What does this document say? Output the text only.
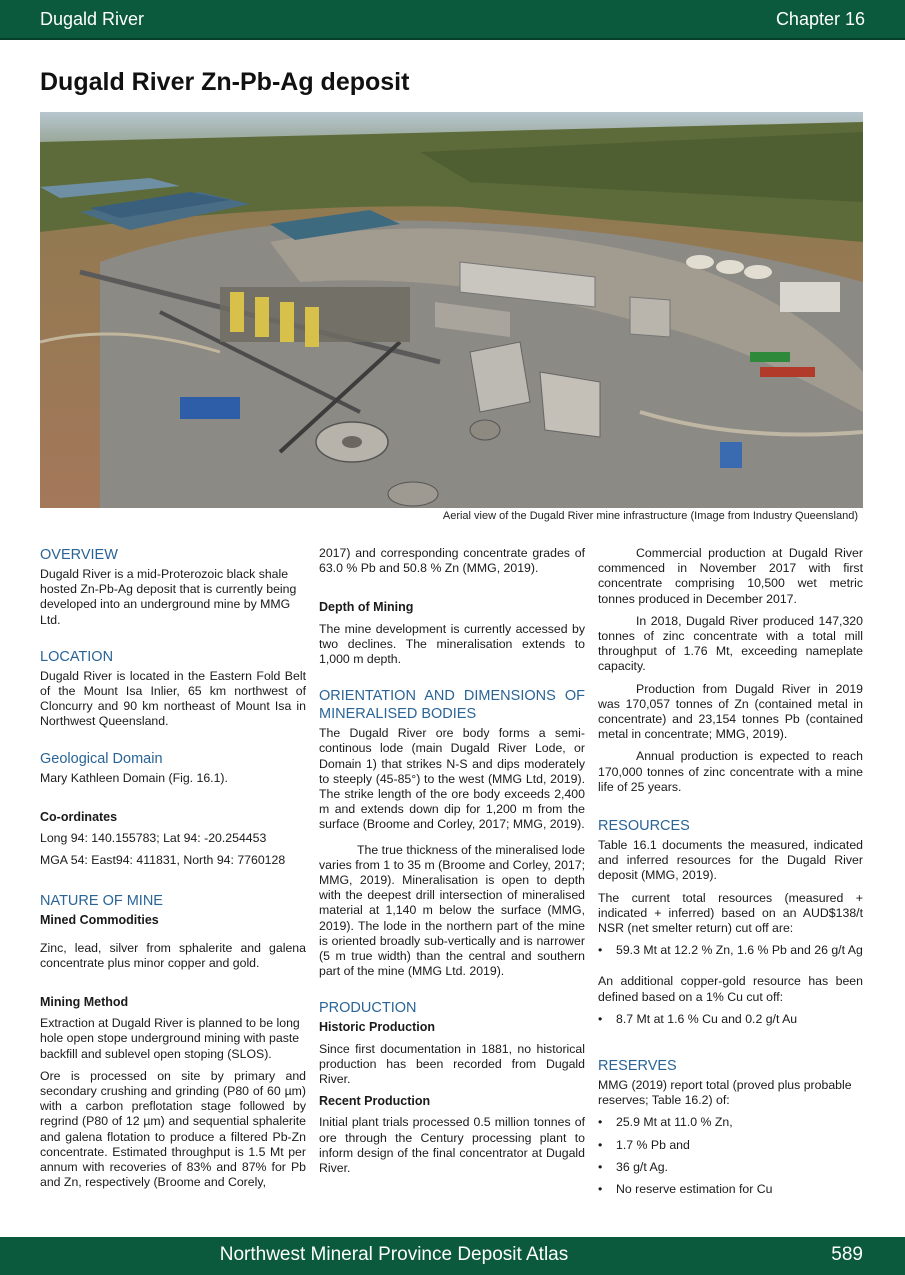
Dugald River	Chapter 16
Dugald River Zn-Pb-Ag deposit
Aerial view of the Dugald River mine infrastructure (Image from Industry Queensland)
OVERVIEW

Dugald River is a mid-Proterozoic black shale hosted Zn-Pb-Ag deposit that is currently being developed into an underground mine by MMG Ltd.

LOCATION

Dugald River is located in the Eastern Fold Belt of the Mount Isa Inlier, 65 km northwest of Cloncurry and 90 km northeast of Mount Isa in Northwest Queensland.

Geological Domain

Mary Kathleen Domain (Fig. 16.1).

Co-ordinates

Long 94: 140.155783; Lat 94: -20.254453

MGA 54: East94: 411831, North 94: 7760128

NATURE OF MINE
Mined Commodities

Zinc, lead, silver from sphalerite and galena concentrate plus minor copper and gold.

Mining Method

Extraction at Dugald River is planned to be long hole open stope underground mining with paste backfill and sublevel open stoping (SLOS).

Ore is processed on site by primary and secondary crushing and grinding (P80 of 60 µm) with a carbon preflotation stage followed by regrind (P80 of 12 µm) and sequential sphalerite and galena flotation to produce a filtered Pb-Zn concentrate. Estimated throughput is 1.5 Mt per annum with recoveries of 83% and 87% for Pb and Zn, respectively (Broome and Corely,

2017) and corresponding concentrate grades of 63.0 % Pb and 50.8 % Zn (MMG, 2019).

Depth of Mining

The mine development is currently accessed by two declines. The mineralisation extends to 1,000 m depth.

ORIENTATION AND DIMENSIONS OF MINERALISED BODIES

The Dugald River ore body forms a semi-continous lode (main Dugald River Lode, or Domain 1) that strikes N-S and dips moderately to steeply (45-85°) to the west (MMG Ltd, 2019). The strike length of the ore body exceeds 2,400 m and extends down dip for 1,200 m from the surface (Broome and Corley, 2017; MMG, 2019).

The true thickness of the mineralised lode varies from 1 to 35 m (Broome and Corley, 2017; MMG, 2019). Mineralisation is open to depth with the deepest drill intersection of mineralised material at 1,140 m below the surface (MMG, 2019). The lode in the northern part of the mine is oriented broadly sub-vertically and is narrower (5 m true width) than the central and southern part of the mine (MMG Ltd. 2019).

PRODUCTION
Historic Production

Since first documentation in 1881, no historical production has been recorded from Dugald River.

Recent Production

Initial plant trials processed 0.5 million tonnes of ore through the Century processing plant to inform design of the final concentrator at Dugald River.

Commercial production at Dugald River commenced in November 2017 with first concentrate comprising 10,500 wet metric tonnes produced in December 2017.

In 2018, Dugald River produced 147,320 tonnes of zinc concentrate with a total mill throughput of 1.76 Mt, exceeding nameplate capacity.

Production from Dugald River in 2019 was 170,057 tonnes of Zn (contained metal in concentrate) and 23,154 tonnes Pb (contained metal in concentrate; MMG, 2019).

Annual production is expected to reach 170,000 tonnes of zinc concentrate with a mine life of 25 years.

RESOURCES

Table 16.1 documents the measured, indicated and inferred resources for the Dugald River deposit (MMG, 2019).

The current total resources (measured + indicated + inferred) based on an AUD$138/t NSR (net smelter return) cut off are:

• 59.3 Mt at 12.2 % Zn, 1.6 % Pb and 26 g/t Ag

An additional copper-gold resource has been defined based on a 1% Cu cut off:

• 8.7 Mt at 1.6 % Cu and 0.2 g/t Au
RESERVES

MMG (2019) report total (proved plus probable reserves; Table 16.2) of:

• 25.9 Mt at 11.0 % Zn,
• 1.7 % Pb and
• 36 g/t Ag.
• No reserve estimation for Cu
Northwest Mineral Province Deposit Atlas	589
